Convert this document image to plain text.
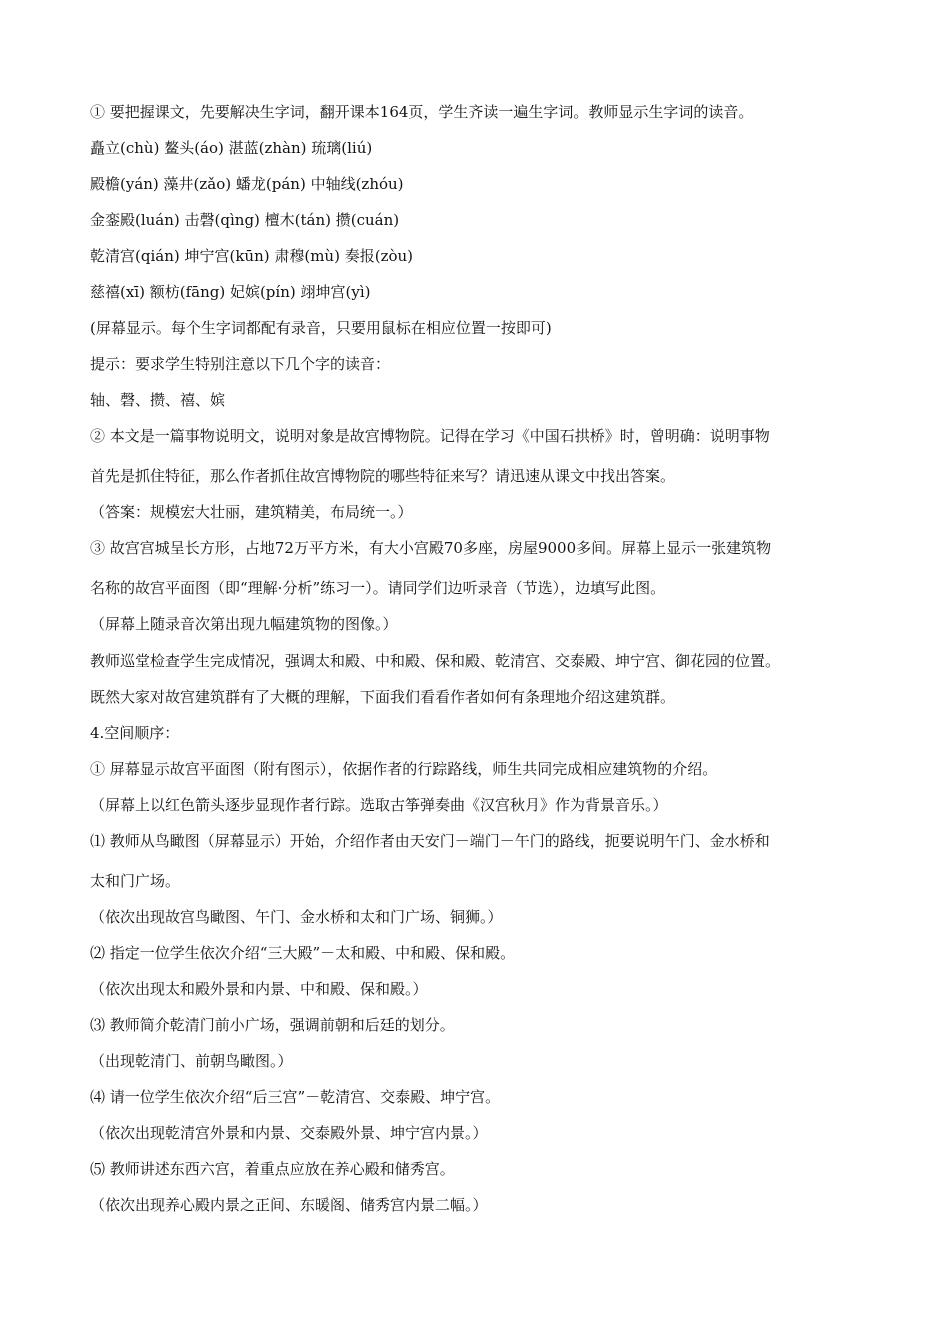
① 要把握课文，先要解决生字词，翻开课本164页，学生齐读一遍生字词。教师显示生字词的读音。
矗立(chù) 鳌头(áo) 湛蓝(zhàn) 琉璃(liú)
殿檐(yán) 藻井(zǎo) 蟠龙(pán) 中轴线(zhóu)
金銮殿(luán) 击磬(qìng) 檀木(tán) 攒(cuán)
乾清宫(qián) 坤宁宫(kūn) 肃穆(mù) 奏报(zòu)
慈禧(xī) 额枋(fāng) 妃嫔(pín) 翊坤宫(yì)
(屏幕显示。每个生字词都配有录音，只要用鼠标在相应位置一按即可)
提示：要求学生特别注意以下几个字的读音：
轴、磬、攒、禧、嫔
② 本文是一篇事物说明文，说明对象是故宫博物院。记得在学习《中国石拱桥》时，曾明确：说明事物
首先是抓住特征，那么作者抓住故宫博物院的哪些特征来写？请迅速从课文中找出答案。
（答案：规模宏大壮丽，建筑精美，布局统一。）
③ 故宫宫城呈长方形，占地72万平方米，有大小宫殿70多座，房屋9000多间。屏幕上显示一张建筑物
名称的故宫平面图（即“理解·分析”练习一）。请同学们边听录音（节选），边填写此图。
（屏幕上随录音次第出现九幅建筑物的图像。）
教师巡堂检查学生完成情况，强调太和殿、中和殿、保和殿、乾清宫、交泰殿、坤宁宫、御花园的位置。
既然大家对故宫建筑群有了大概的理解，下面我们看看作者如何有条理地介绍这建筑群。
4.空间顺序：
① 屏幕显示故宫平面图（附有图示），依据作者的行踪路线，师生共同完成相应建筑物的介绍。
（屏幕上以红色箭头逐步显现作者行踪。选取古筝弹奏曲《汉宫秋月》作为背景音乐。）
⑴ 教师从鸟瞰图（屏幕显示）开始，介绍作者由天安门－端门－午门的路线，扼要说明午门、金水桥和
太和门广场。
（依次出现故宫鸟瞰图、午门、金水桥和太和门广场、铜狮。）
⑵ 指定一位学生依次介绍“三大殿”－太和殿、中和殿、保和殿。
（依次出现太和殿外景和内景、中和殿、保和殿。）
⑶ 教师简介乾清门前小广场，强调前朝和后廷的划分。
（出现乾清门、前朝鸟瞰图。）
⑷ 请一位学生依次介绍“后三宫”－乾清宫、交泰殿、坤宁宫。
（依次出现乾清宫外景和内景、交泰殿外景、坤宁宫内景。）
⑸ 教师讲述东西六宫，着重点应放在养心殿和储秀宫。
（依次出现养心殿内景之正间、东暖阁、储秀宫内景二幅。）
